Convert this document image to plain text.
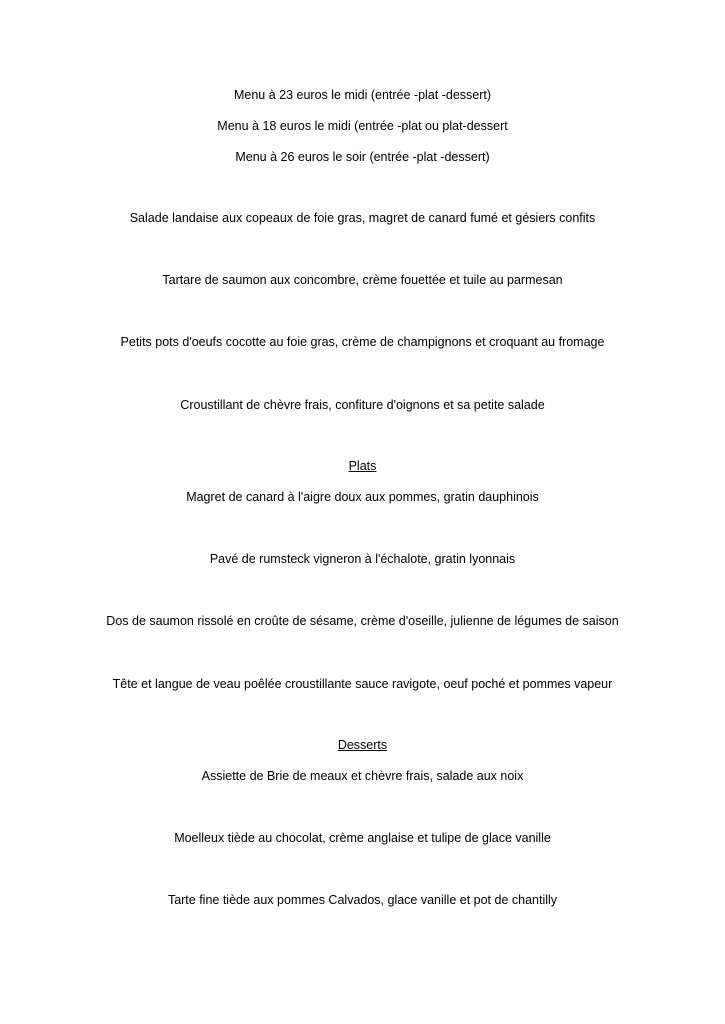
Menu à 23 euros le midi (entrée -plat -dessert)
Menu à 18 euros le midi (entrée -plat ou plat-dessert
Menu à 26 euros le soir (entrée -plat -dessert)
Salade landaise aux copeaux de foie gras, magret de canard fumé et gésiers confits
Tartare de saumon aux concombre, crème fouettée et tuile au parmesan
Petits pots d'oeufs cocotte au foie gras, crème de champignons et croquant au fromage
Croustillant de chèvre frais, confiture d'oignons et sa petite salade
Plats
Magret de canard à l'aigre doux aux pommes, gratin dauphinois
Pavé de rumsteck vigneron à l'échalote, gratin lyonnais
Dos de saumon rissolé en croûte de sésame, crème d'oseille, julienne de légumes de saison
Tête et langue de veau poêlée croustillante sauce ravigote, oeuf poché et pommes vapeur
Desserts
Assiette de Brie de meaux et chèvre frais, salade aux noix
Moelleux tiède au chocolat, crème anglaise et tulipe de glace vanille
Tarte fine tiède aux pommes Calvados, glace vanille et pot de chantilly
